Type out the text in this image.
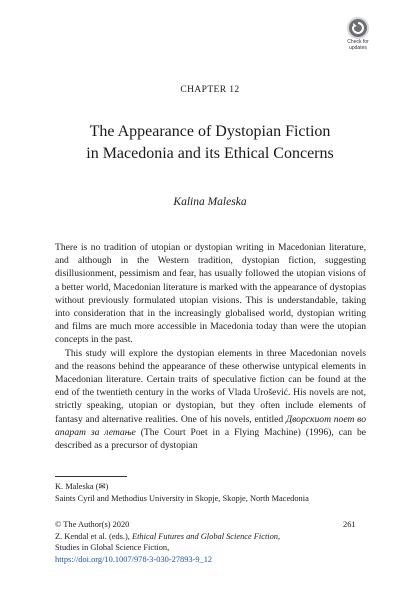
Check for
updates
CHAPTER 12
The Appearance of Dystopian Fiction
in Macedonia and its Ethical Concerns
Kalina Maleska

There is no tradition of utopian or dystopian writing in Macedonian literature, and although in the Western tradition, dystopian fiction, suggesting disillusionment, pessimism and fear, has usually followed the utopian visions of a better world, Macedonian literature is marked with the appearance of dystopias without previously formulated utopian visions. This is understandable, taking into consideration that in the increasingly globalised world, dystopian writing and films are much more accessible in Macedonia today than were the utopian concepts in the past.

This study will explore the dystopian elements in three Macedonian novels and the reasons behind the appearance of these otherwise untypical elements in Macedonian literature. Certain traits of speculative fiction can be found at the end of the twentieth century in the works of Vlada Urošević. His novels are not, strictly speaking, utopian or dystopian, but they often include elements of fantasy and alternative realities. One of his novels, entitled Дворскиот поет во апарат за летање (The Court Poet in a Flying Machine) (1996), can be described as a precursor of dystopian

K. Maleska (✉)
Saints Cyril and Methodius University in Skopje, Skopje, North Macedonia
© The Author(s) 2020
Z. Kendal et al. (eds.), Ethical Futures and Global Science Fiction,
Studies in Global Science Fiction,
https://doi.org/10.1007/978-3-030-27893-9_12
261
